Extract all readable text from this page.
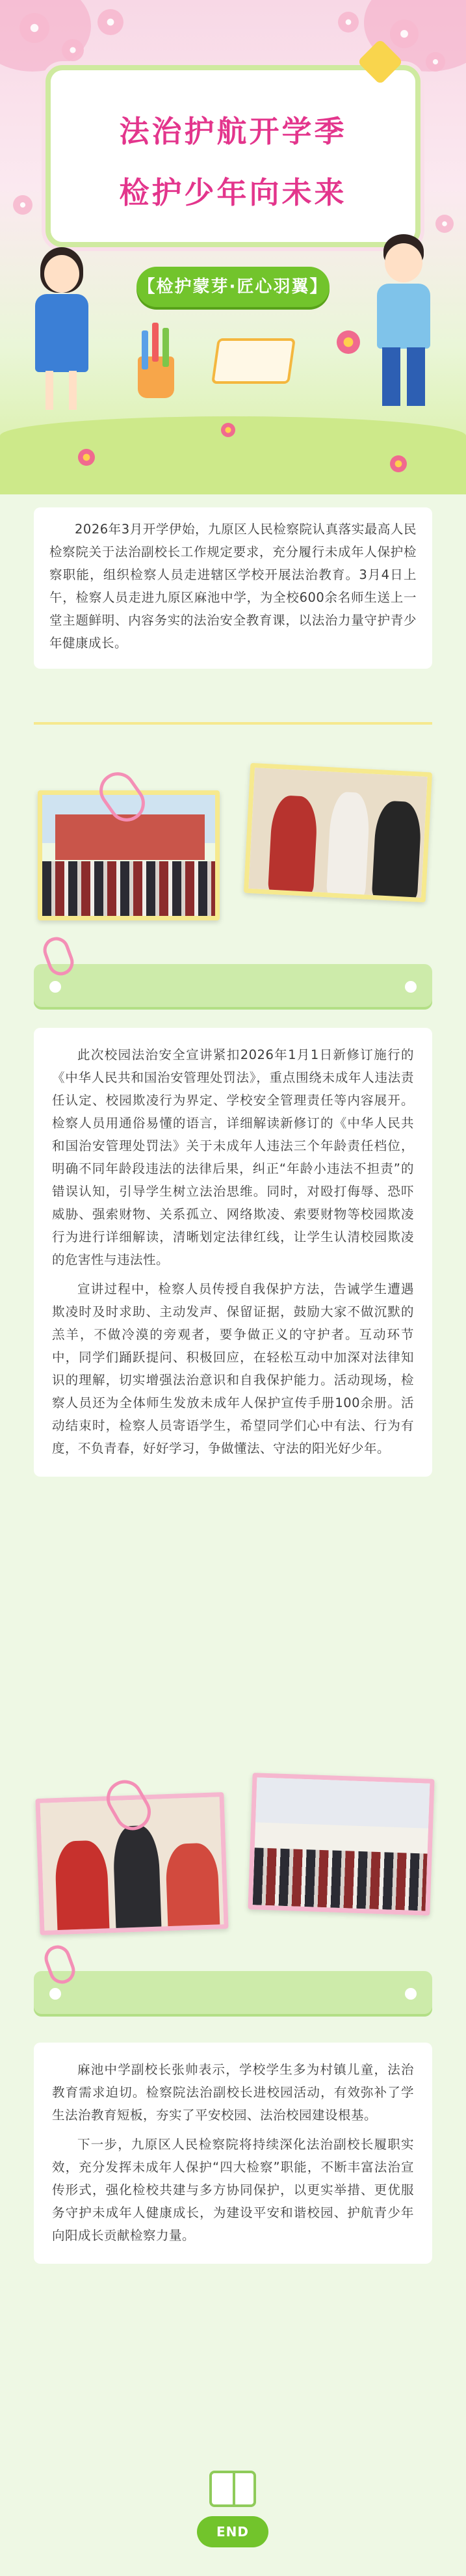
法治护航开学季
检护少年向未来
【检护蒙芽·匠心羽翼】

2026年3月开学伊始，九原区人民检察院认真落实最高人民检察院关于法治副校长工作规定要求，充分履行未成年人保护检察职能，组织检察人员走进辖区学校开展法治教育。3月4日上午，检察人员走进九原区麻池中学，为全校600余名师生送上一堂主题鲜明、内容务实的法治安全教育课，以法治力量守护青少年健康成长。

此次校园法治安全宣讲紧扣2026年1月1日新修订施行的《中华人民共和国治安管理处罚法》，重点围绕未成年人违法责任认定、校园欺凌行为界定、学校安全管理责任等内容展开。检察人员用通俗易懂的语言，详细解读新修订的《中华人民共和国治安管理处罚法》关于未成年人违法三个年龄责任档位，明确不同年龄段违法的法律后果，纠正“年龄小违法不担责”的错误认知，引导学生树立法治思维。同时，对殴打侮辱、恐吓威胁、强索财物、关系孤立、网络欺凌、索要财物等校园欺凌行为进行详细解读，清晰划定法律红线，让学生认清校园欺凌的危害性与违法性。

宣讲过程中，检察人员传授自我保护方法，告诫学生遭遇欺凌时及时求助、主动发声、保留证据，鼓励大家不做沉默的羔羊，不做冷漠的旁观者，要争做正义的守护者。互动环节中，同学们踊跃提问、积极回应，在轻松互动中加深对法律知识的理解，切实增强法治意识和自我保护能力。活动现场，检察人员还为全体师生发放未成年人保护宣传手册100余册。活动结束时，检察人员寄语学生，希望同学们心中有法、行为有度，不负青春，好好学习，争做懂法、守法的阳光好少年。

麻池中学副校长张帅表示，学校学生多为村镇儿童，法治教育需求迫切。检察院法治副校长进校园活动，有效弥补了学生法治教育短板，夯实了平安校园、法治校园建设根基。

下一步，九原区人民检察院将持续深化法治副校长履职实效，充分发挥未成年人保护“四大检察”职能，不断丰富法治宣传形式，强化检校共建与多方协同保护，以更实举措、更优服务守护未成年人健康成长，为建设平安和谐校园、护航青少年向阳成长贡献检察力量。

END
